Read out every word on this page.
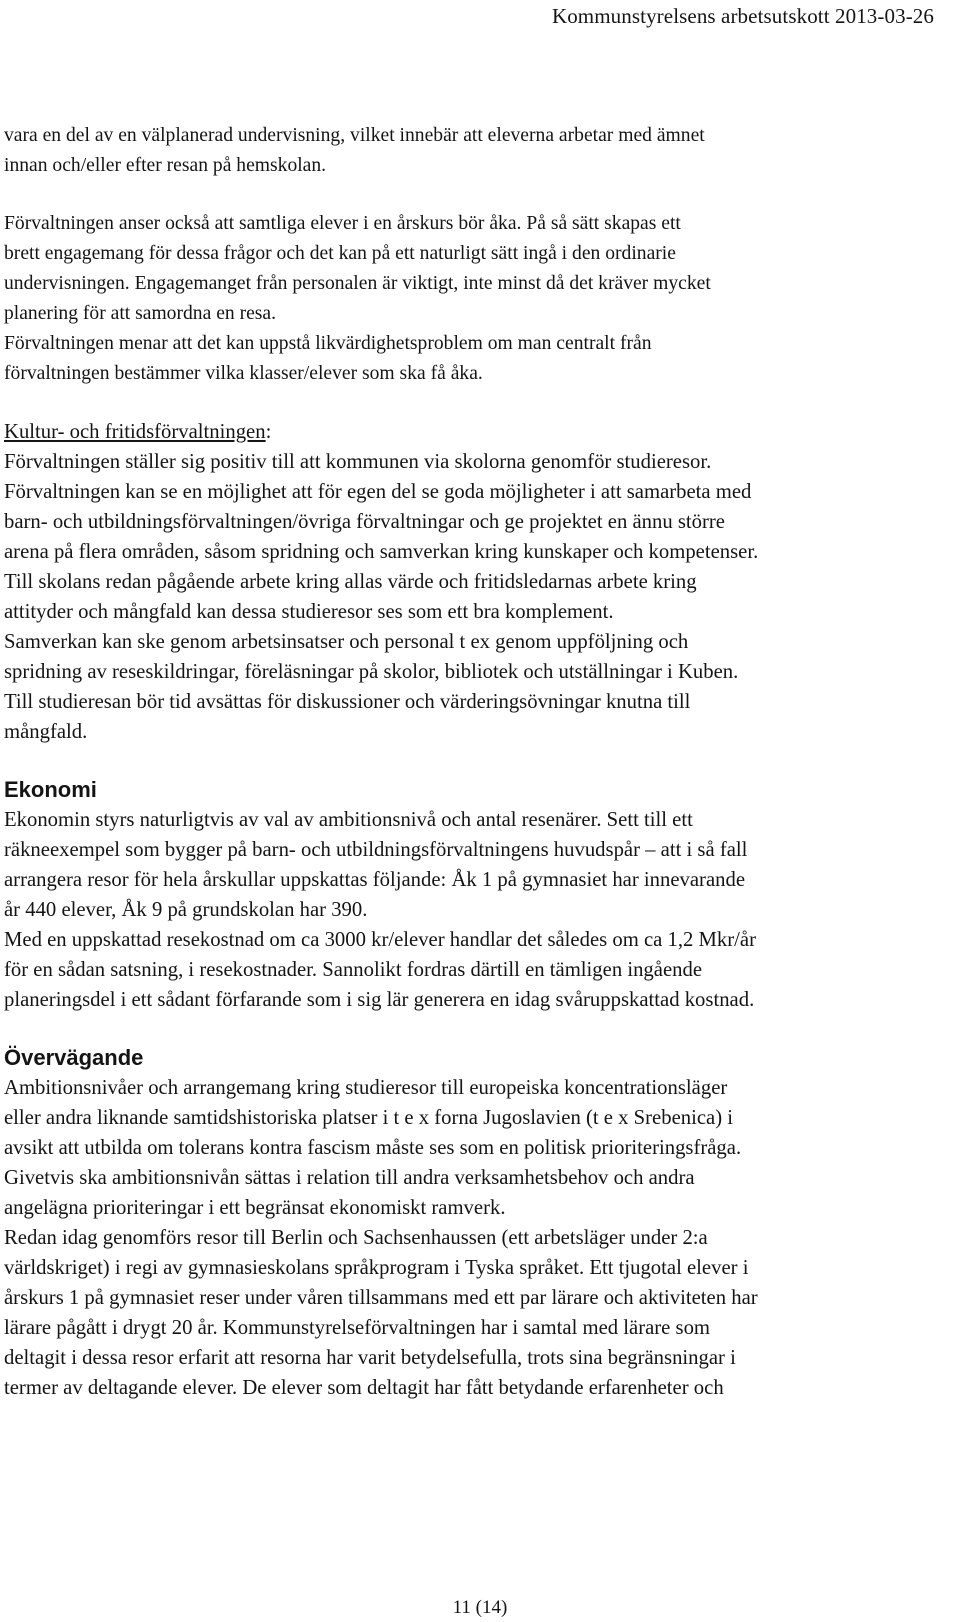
Kommunstyrelsens arbetsutskott 2013-03-26
vara en del av en välplanerad undervisning, vilket innebär att eleverna arbetar med ämnet
innan och/eller efter resan på hemskolan.
Förvaltningen anser också att samtliga elever i en årskurs bör åka. På så sätt skapas ett
brett engagemang för dessa frågor och det kan på ett naturligt sätt ingå i den ordinarie
undervisningen. Engagemanget från personalen är viktigt, inte minst då det kräver mycket
planering för att samordna en resa.
Förvaltningen menar att det kan uppstå likvärdighetsproblem om man centralt från
förvaltningen bestämmer vilka klasser/elever som ska få åka.
Kultur- och fritidsförvaltningen:
Förvaltningen ställer sig positiv till att kommunen via skolorna genomför studieresor.
Förvaltningen kan se en möjlighet att för egen del se goda möjligheter i att samarbeta med
barn- och utbildningsförvaltningen/övriga förvaltningar och ge projektet en ännu större
arena på flera områden, såsom spridning och samverkan kring kunskaper och kompetenser.
Till skolans redan pågående arbete kring allas värde och fritidsledarnas arbete kring
attityder och mångfald kan dessa studieresor ses som ett bra komplement.
Samverkan kan ske genom arbetsinsatser och personal t ex genom uppföljning och
spridning av reseskildringar, föreläsningar på skolor, bibliotek och utställningar i Kuben.
Till studieresan bör tid avsättas för diskussioner och värderingsövningar knutna till
mångfald.
Ekonomi
Ekonomin styrs naturligtvis av val av ambitionsnivå och antal resenärer. Sett till ett
räkneexempel som bygger på barn- och utbildningsförvaltningens huvudspår – att i så fall
arrangera resor för hela årskullar uppskattas följande: Åk 1 på gymnasiet har innevarande
år 440 elever, Åk 9 på grundskolan har 390.
Med en uppskattad resekostnad om ca 3000 kr/elever handlar det således om ca 1,2 Mkr/år
för en sådan satsning, i resekostnader. Sannolikt fordras därtill en tämligen ingående
planeringsdel i ett sådant förfarande som i sig lär generera en idag svåruppskattad kostnad.
Övervägande
Ambitionsnivåer och arrangemang kring studieresor till europeiska koncentrationsläger
eller andra liknande samtidshistoriska platser i t e x forna Jugoslavien (t e x Srebenica) i
avsikt att utbilda om tolerans kontra fascism måste ses som en politisk prioriteringsfråga.
Givetvis ska ambitionsnivån sättas i relation till andra verksamhetsbehov och andra
angelägna prioriteringar i ett begränsat ekonomiskt ramverk.
Redan idag genomförs resor till Berlin och Sachsenhaussen (ett arbetsläger under 2:a
världskriget) i regi av gymnasieskolans språkprogram i Tyska språket. Ett tjugotal elever i
årskurs 1 på gymnasiet reser under våren tillsammans med ett par lärare och aktiviteten har
lärare pågått i drygt 20 år. Kommunstyrelseförvaltningen har i samtal med lärare som
deltagit i dessa resor erfarit att resorna har varit betydelsefulla, trots sina begränsningar i
termer av deltagande elever. De elever som deltagit har fått betydande erfarenheter och
11 (14)
